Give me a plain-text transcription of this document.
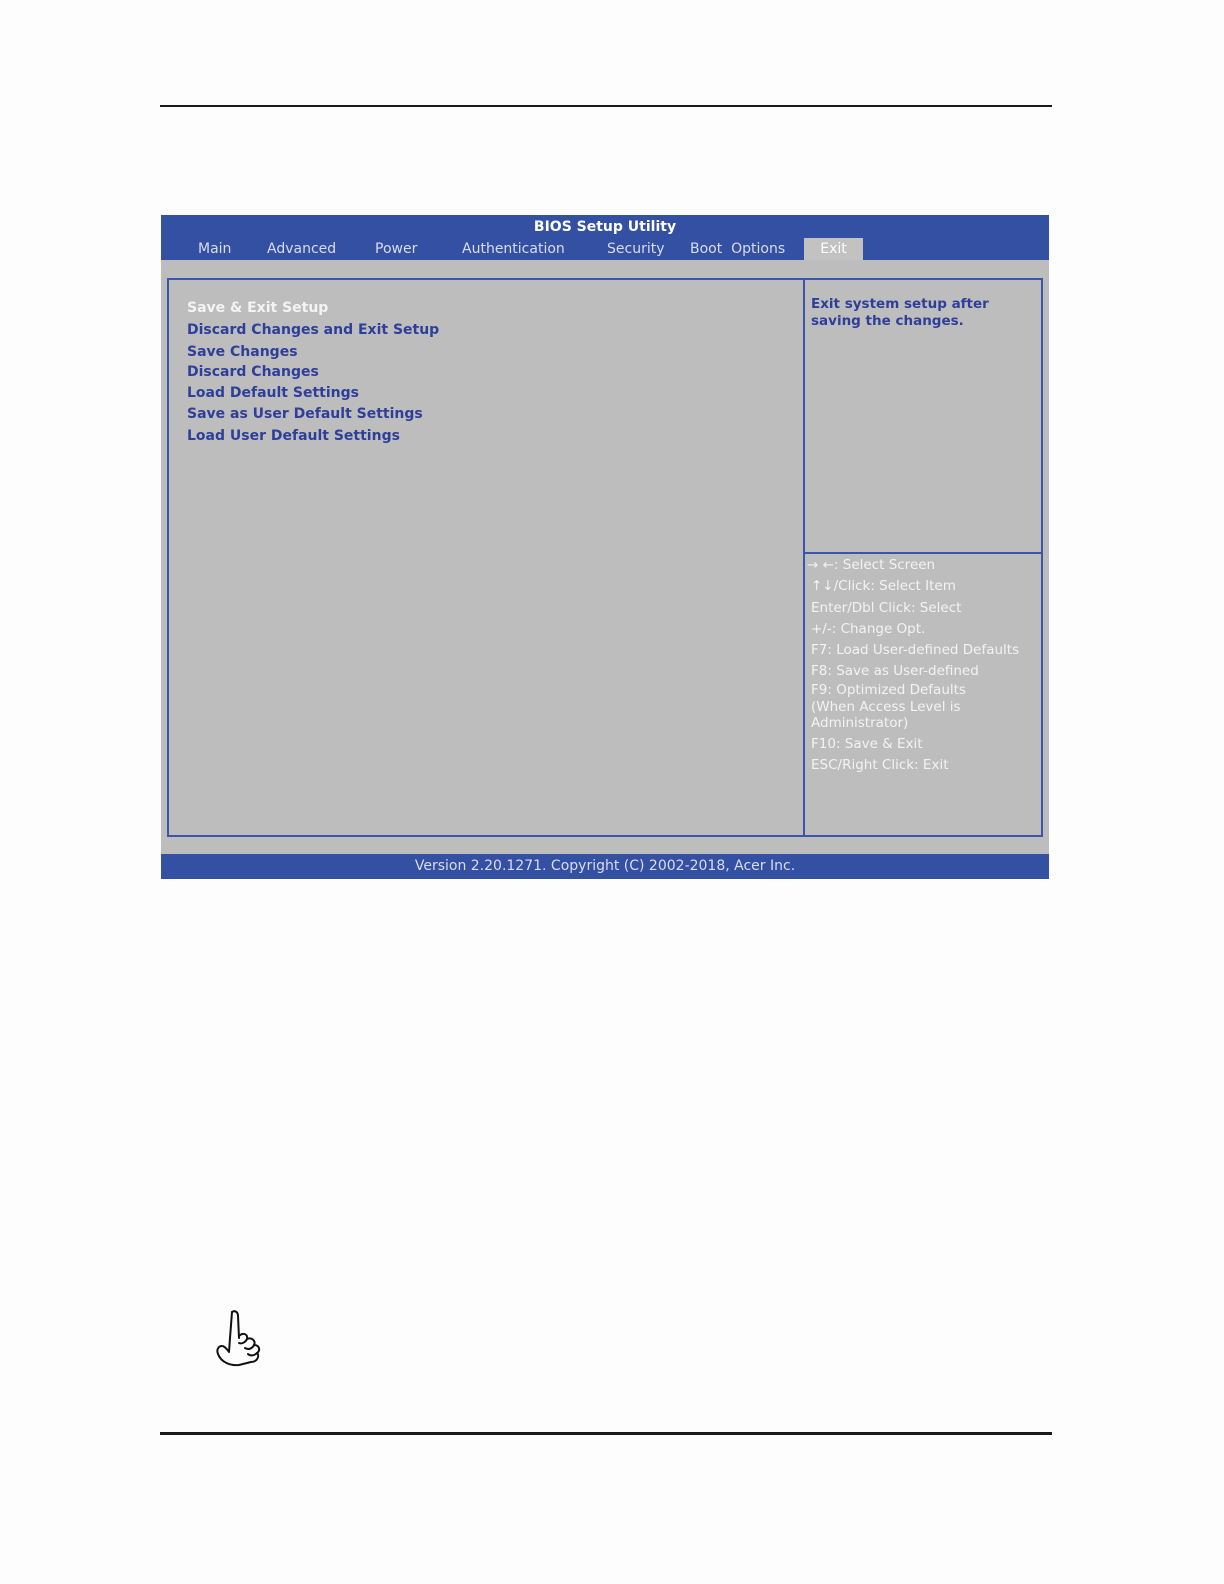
BIOS Setup Utility
Main	Advanced	Power	Authentication	Security Boot  Options	Exit
Save & Exit Setup
Discard Changes and Exit Setup
Save Changes
Discard Changes
Load Default Settings
Save as User Default Settings
Load User Default Settings
Exit system setup after saving the changes.
→ ←: Select Screen
↑↓/Click: Select Item
Enter/Dbl Click: Select
+/-: Change Opt.
F7: Load User-defined Defaults
F8: Save as User-defined
F9: Optimized Defaults
(When Access Level is
Administrator)
F10: Save & Exit
ESC/Right Click: Exit
Version 2.20.1271. Copyright (C) 2002-2018, Acer Inc.
